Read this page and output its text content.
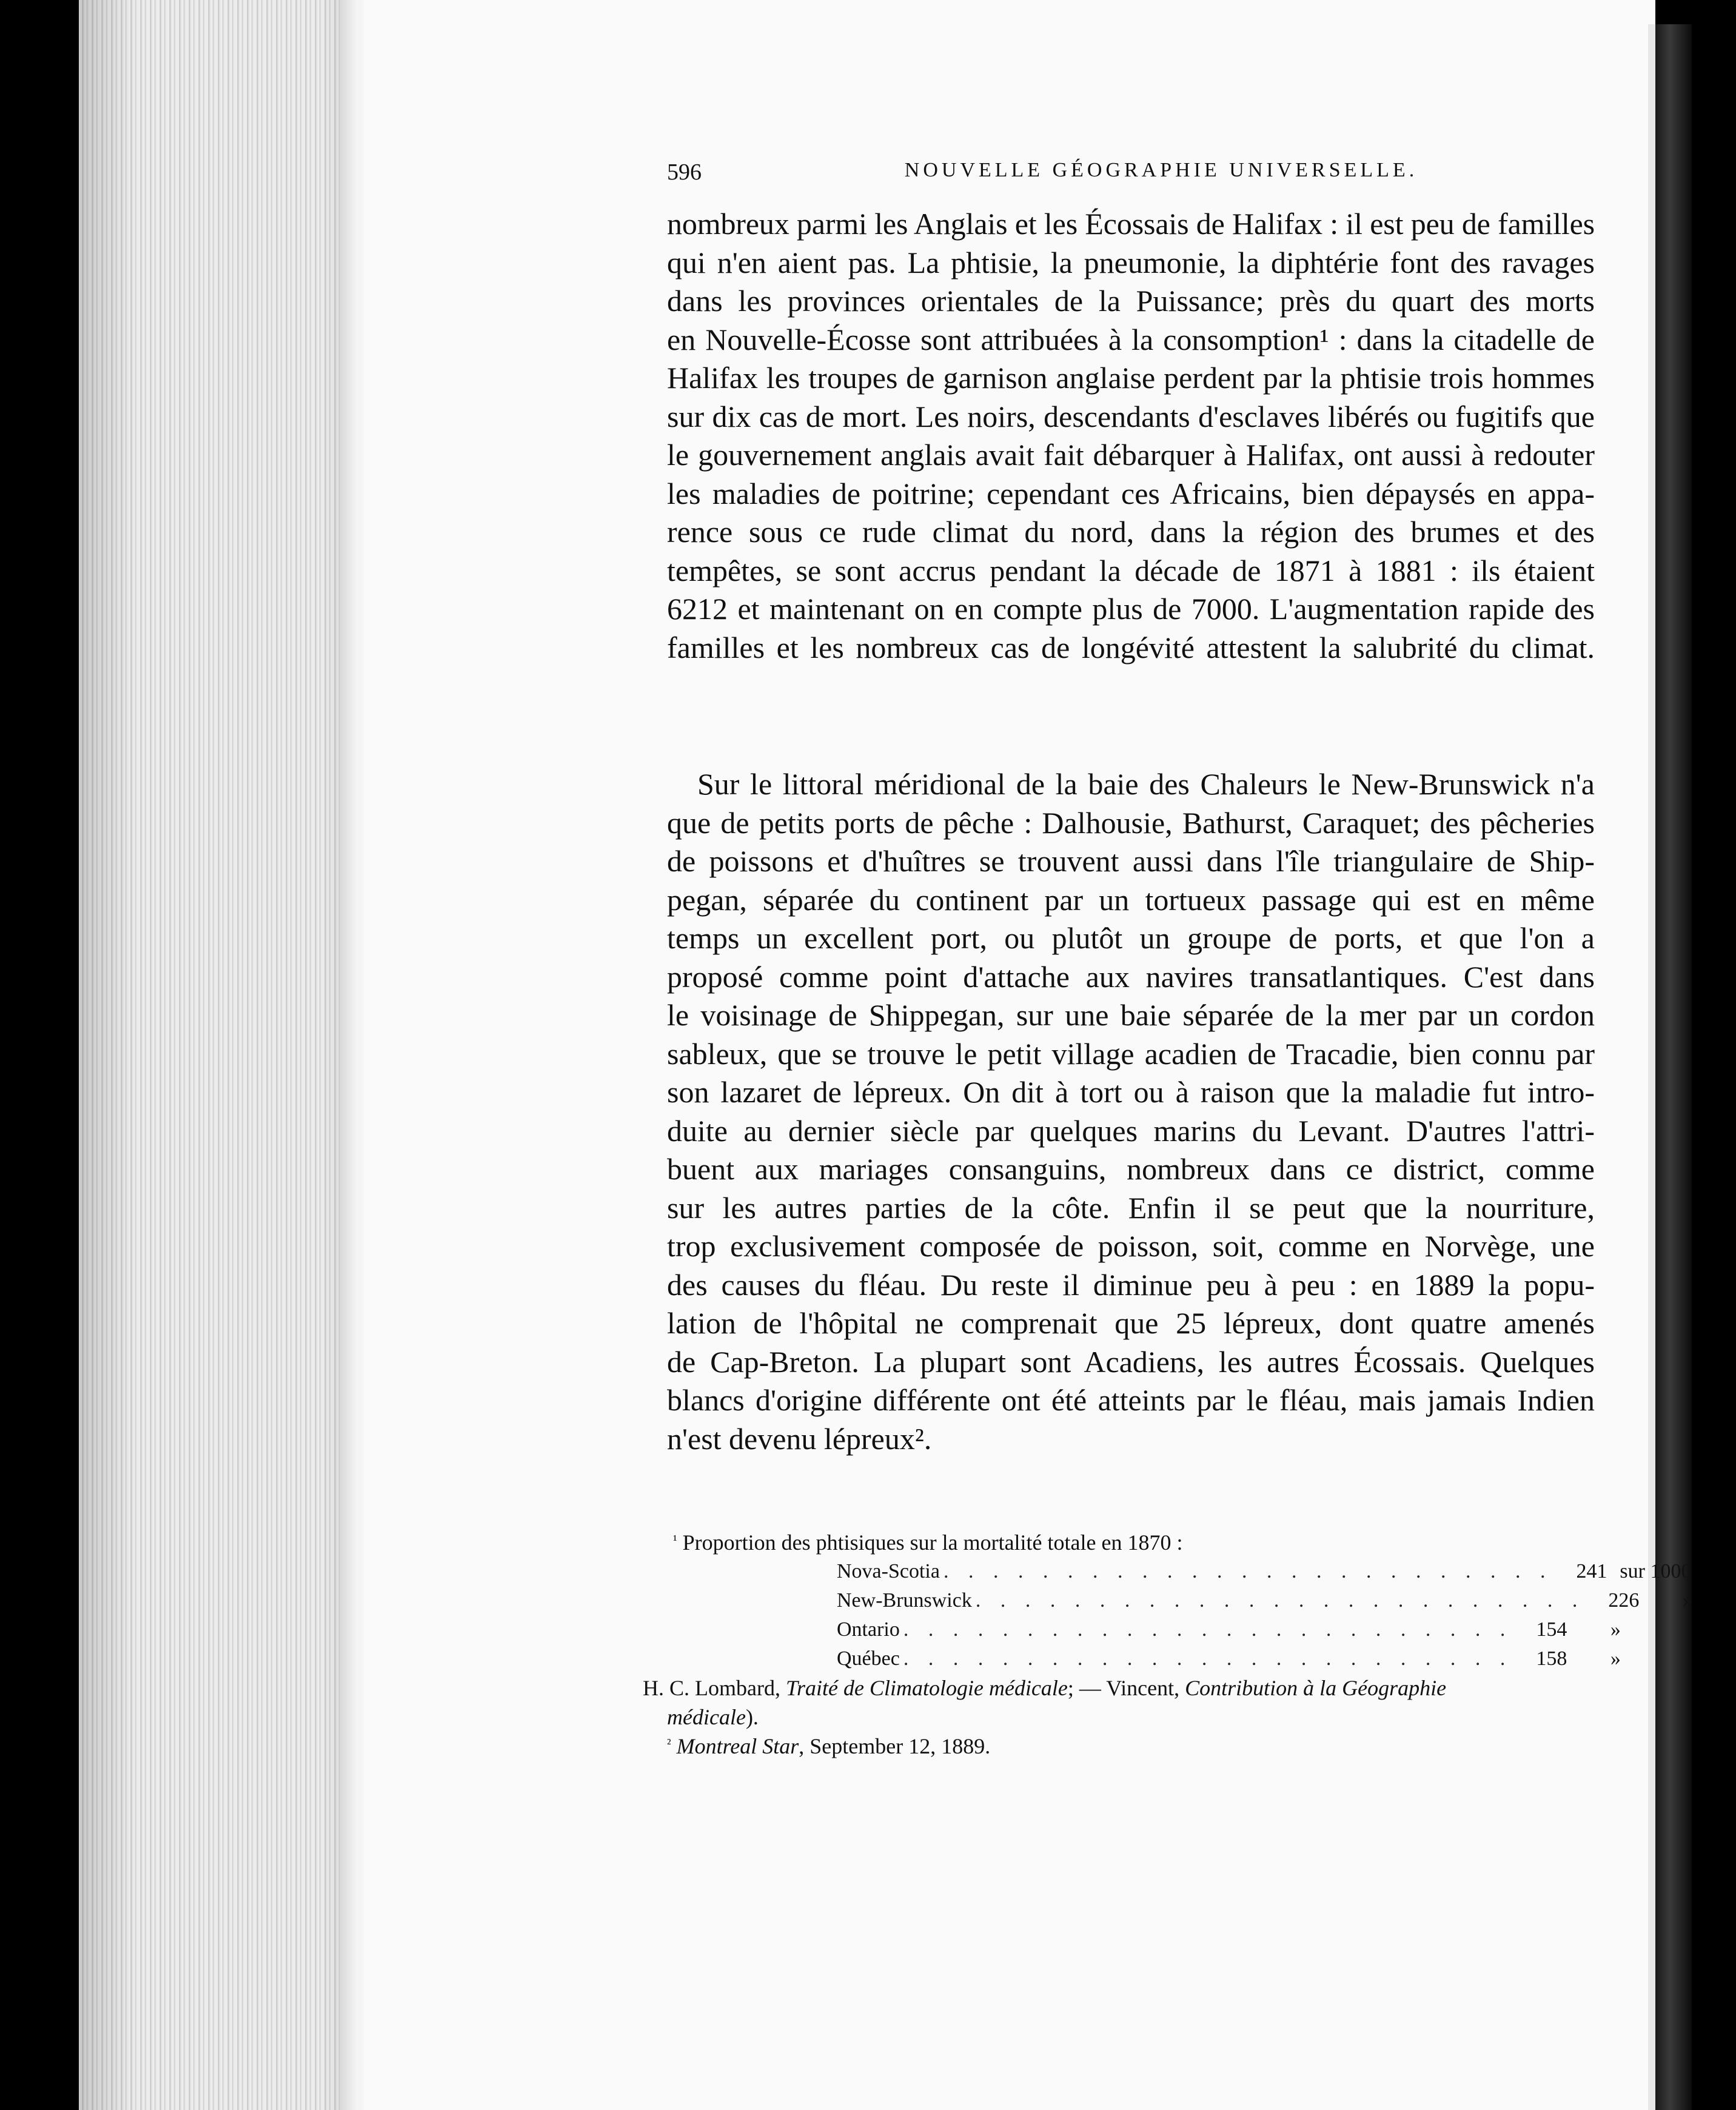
596	NOUVELLE GÉOGRAPHIE UNIVERSELLE.
nombreux parmi les Anglais et les Écossais de Halifax : il est peu de familles
qui n'en aient pas. La phtisie, la pneumonie, la diphtérie font des ravages
dans les provinces orientales de la Puissance; près du quart des morts
en Nouvelle-Écosse sont attribuées à la consomption¹ : dans la citadelle de
Halifax les troupes de garnison anglaise perdent par la phtisie trois hommes
sur dix cas de mort. Les noirs, descendants d'esclaves libérés ou fugitifs que
le gouvernement anglais avait fait débarquer à Halifax, ont aussi à redouter
les maladies de poitrine; cependant ces Africains, bien dépaysés en appa-
rence sous ce rude climat du nord, dans la région des brumes et des
tempêtes, se sont accrus pendant la décade de 1871 à 1881 : ils étaient
6212 et maintenant on en compte plus de 7000. L'augmentation rapide des
familles et les nombreux cas de longévité attestent la salubrité du climat.
Sur le littoral méridional de la baie des Chaleurs le New-Brunswick n'a
que de petits ports de pêche : Dalhousie, Bathurst, Caraquet; des pêcheries
de poissons et d'huîtres se trouvent aussi dans l'île triangulaire de Ship-
pegan, séparée du continent par un tortueux passage qui est en même
temps un excellent port, ou plutôt un groupe de ports, et que l'on a
proposé comme point d'attache aux navires transatlantiques. C'est dans
le voisinage de Shippegan, sur une baie séparée de la mer par un cordon
sableux, que se trouve le petit village acadien de Tracadie, bien connu par
son lazaret de lépreux. On dit à tort ou à raison que la maladie fut intro-
duite au dernier siècle par quelques marins du Levant. D'autres l'attri-
buent aux mariages consanguins, nombreux dans ce district, comme
sur les autres parties de la côte. Enfin il se peut que la nourriture,
trop exclusivement composée de poisson, soit, comme en Norvège, une
des causes du fléau. Du reste il diminue peu à peu : en 1889 la popu-
lation de l'hôpital ne comprenait que 25 lépreux, dont quatre amenés
de Cap-Breton. La plupart sont Acadiens, les autres Écossais. Quelques
blancs d'origine différente ont été atteints par le fléau, mais jamais Indien
n'est devenu lépreux².
$^{^1}$ Proportion des phtisiques sur la mortalité totale en 1870 :
Nova-Scotia . . . . . . . . . . . . . . . . . . . . . . . . .	241 sur 1000
New-Brunswick . . . . . . . . . . . . . . . . . . . . . . . . .	226	»
Ontario . . . . . . . . . . . . . . . . . . . . . . . . .	154	»
Québec . . . . . . . . . . . . . . . . . . . . . . . . .	158	»
H. C. Lombard, Traité de Climatologie médicale; — Vincent, Contribution à la Géographie
médicale).
$^{^2}$ Montreal Star, September 12, 1889.
